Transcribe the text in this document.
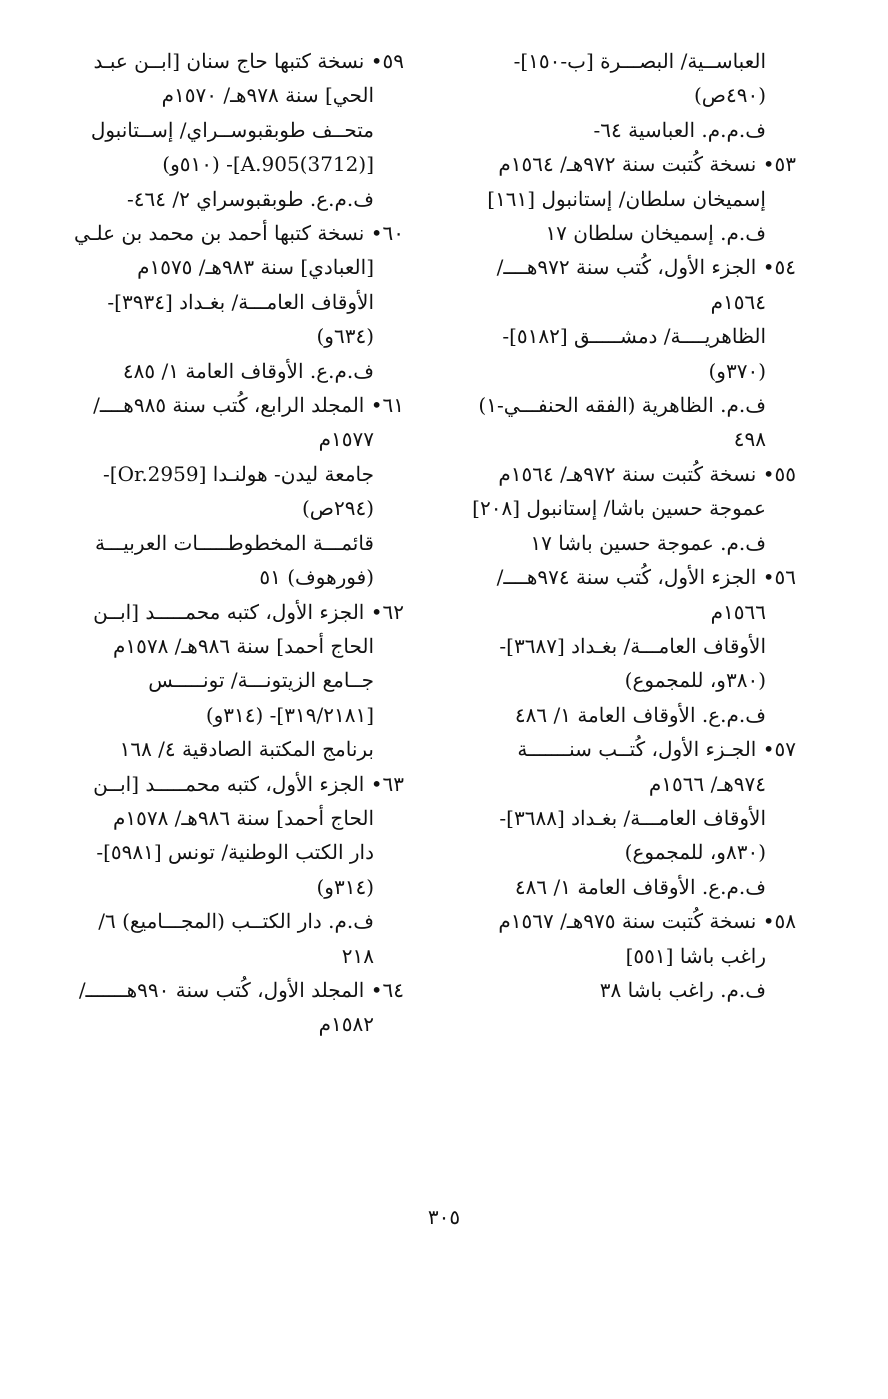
العباســية/ البصـــرة [ب-١٥٠]-
(٤٩٠ص)
ف.م.م. العباسية ٦٤-
٥٣• نسخة كُتبت سنة ٩٧٢هـ/ ١٥٦٤م
إسميخان سلطان/ إستانبول [١٦١]
ف.م. إسميخان سلطان ١٧
٥٤• الجزء الأول، كُتب سنة ٩٧٢هــــ/
١٥٦٤م
الظاهريــــة/ دمشـــــق [٥١٨٢]-
(٣٧٠و)
ف.م. الظاهرية (الفقه الحنفـــي-١)
٤٩٨
٥٥• نسخة كُتبت سنة ٩٧٢هـ/ ١٥٦٤م
عموجة حسين باشا/ إستانبول [٢٠٨]
ف.م. عموجة حسين باشا ١٧
٥٦• الجزء الأول، كُتب سنة ٩٧٤هــــ/
١٥٦٦م
الأوقاف العامـــة/ بغـداد [٣٦٨٧]-
(٣٨٠و، للمجموع)
ف.م.ع. الأوقاف العامة ١/ ٤٨٦
٥٧• الجـزء الأول، كُتــب سنـــــــة
٩٧٤هـ/ ١٥٦٦م
الأوقاف العامـــة/ بغـداد [٣٦٨٨]-
(٨٣٠و، للمجموع)
ف.م.ع. الأوقاف العامة ١/ ٤٨٦
٥٨• نسخة كُتبت سنة ٩٧٥هـ/ ١٥٦٧م
راغب باشا [٥٥١]
ف.م. راغب باشا ٣٨
٥٩• نسخة كتبها حاج سنان [ابــن عبـد
الحي] سنة ٩٧٨هـ/ ١٥٧٠م
متحــف طوبقبوســراي/ إســتانبول
[A.905(3712)]- (٥١٠و)
ف.م.ع. طوبقبوسراي ٢/ ٤٦٤-
٦٠• نسخة كتبها أحمد بن محمد بن علـي
[العبادي] سنة ٩٨٣هـ/ ١٥٧٥م
الأوقاف العامـــة/ بغـداد [٣٩٣٤]-
(٦٣٤و)
ف.م.ع. الأوقاف العامة ١/ ٤٨٥
٦١• المجلد الرابع، كُتب سنة ٩٨٥هــــ/
١٥٧٧م
جامعة ليدن- هولنـدا [Or.2959]-
(٢٩٤ص)
قائمـــة المخطوطـــــات العربيـــة
(فورهوف) ٥١
٦٢• الجزء الأول، كتبه محمـــــد [ابــن
الحاج أحمد] سنة ٩٨٦هـ/ ١٥٧٨م
جــامع الزيتونـــة/ تونـــــس
[٣١٩/٢١٨١]- (٣١٤و)
برنامج المكتبة الصادقية ٤/ ١٦٨
٦٣• الجزء الأول، كتبه محمـــــد [ابــن
الحاج أحمد] سنة ٩٨٦هـ/ ١٥٧٨م
دار الكتب الوطنية/ تونس [٥٩٨١]-
(٣١٤و)
ف.م. دار الكتــب (المجـــاميع) ٦/
٢١٨
٦٤• المجلد الأول، كُتب سنة ٩٩٠هـــــــ/
١٥٨٢م
٣٠٥
